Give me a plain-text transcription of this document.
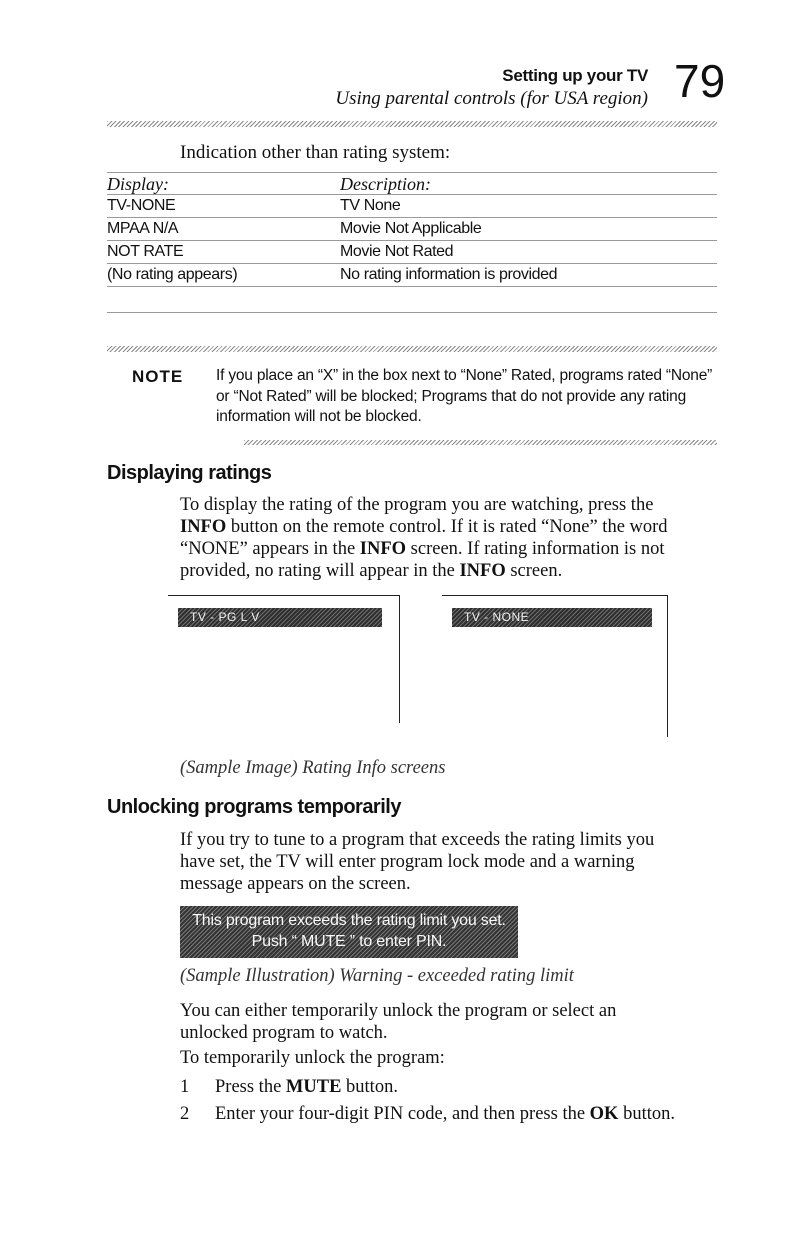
Setting up your TV
Using parental controls (for USA region) 79
Indication other than rating system:
Display:	Description:
TV-NONE	TV None
MPAA N/A	Movie Not Applicable
NOT RATE	Movie Not Rated
(No rating appears)	No rating information is provided
NOTE If you place an “X” in the box next to “None” Rated, programs rated “None” or “Not Rated” will be blocked; Programs that do not provide any rating information will not be blocked.
Displaying ratings
To display the rating of the program you are watching, press the
INFO button on the remote control. If it is rated “None” the word
“NONE” appears in the INFO screen. If rating information is not
provided, no rating will appear in the INFO screen.
TV - PG L V	TV - NONE
(Sample Image) Rating Info screens
Unlocking programs temporarily
If you try to tune to a program that exceeds the rating limits you
have set, the TV will enter program lock mode and a warning
message appears on the screen.
This program exceeds the rating limit you set.
Push “ MUTE ” to enter PIN.
(Sample Illustration) Warning - exceeded rating limit
You can either temporarily unlock the program or select an
unlocked program to watch.
To temporarily unlock the program:
1 Press the MUTE button.
2 Enter your four-digit PIN code, and then press the OK button.
